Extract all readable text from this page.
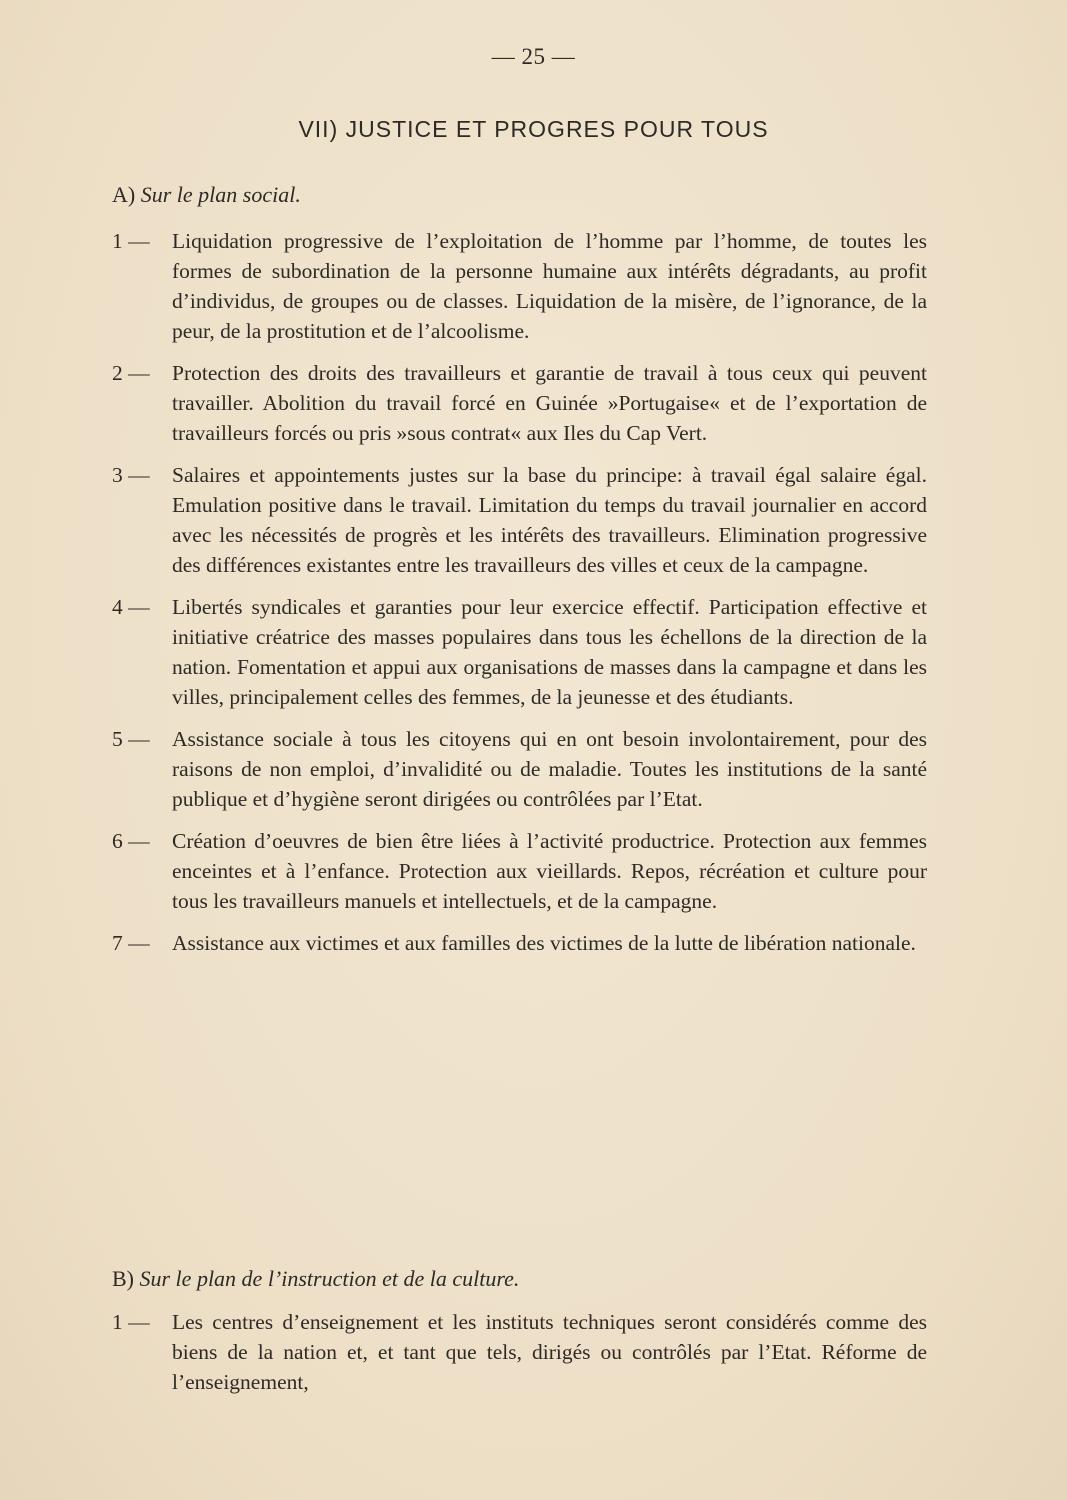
— 25 —
VII) JUSTICE ET PROGRES POUR TOUS
A) Sur le plan social.
1 — Liquidation progressive de l’exploitation de l’homme par l’homme, de toutes les formes de subordination de la personne humaine aux intérêts dégradants, au profit d’individus, de groupes ou de classes. Liquidation de la misère, de l’ignorance, de la peur, de la prostitution et de l’alcoolisme.
2 — Protection des droits des travailleurs et garantie de travail à tous ceux qui peuvent travailler. Abolition du travail forcé en Guinée »Portugaise« et de l’exportation de travailleurs forcés ou pris »sous contrat« aux Iles du Cap Vert.
3 — Salaires et appointements justes sur la base du principe: à travail égal salaire égal. Emulation positive dans le travail. Limitation du temps du travail journalier en accord avec les nécessités de progrès et les intérêts des travailleurs. Elimination progressive des différences existantes entre les travailleurs des villes et ceux de la campagne.
4 — Libertés syndicales et garanties pour leur exercice effectif. Participation effective et initiative créatrice des masses populaires dans tous les échellons de la direction de la nation. Fomentation et appui aux organisations de masses dans la campagne et dans les villes, principalement celles des femmes, de la jeunesse et des étudiants.
5 — Assistance sociale à tous les citoyens qui en ont besoin involontairement, pour des raisons de non emploi, d’invalidité ou de maladie. Toutes les institutions de la santé publique et d’hygiène seront dirigées ou contrôlées par l’Etat.
6 — Création d’oeuvres de bien être liées à l’activité productrice. Protection aux femmes enceintes et à l’enfance. Protection aux vieillards. Repos, récréation et culture pour tous les travailleurs manuels et intellectuels, et de la campagne.
7 — Assistance aux victimes et aux familles des victimes de la lutte de libération nationale.
B) Sur le plan de l’instruction et de la culture.
1 — Les centres d’enseignement et les instituts techniques seront considérés comme des biens de la nation et, et tant que tels, dirigés ou contrôlés par l’Etat. Réforme de l’enseignement,
